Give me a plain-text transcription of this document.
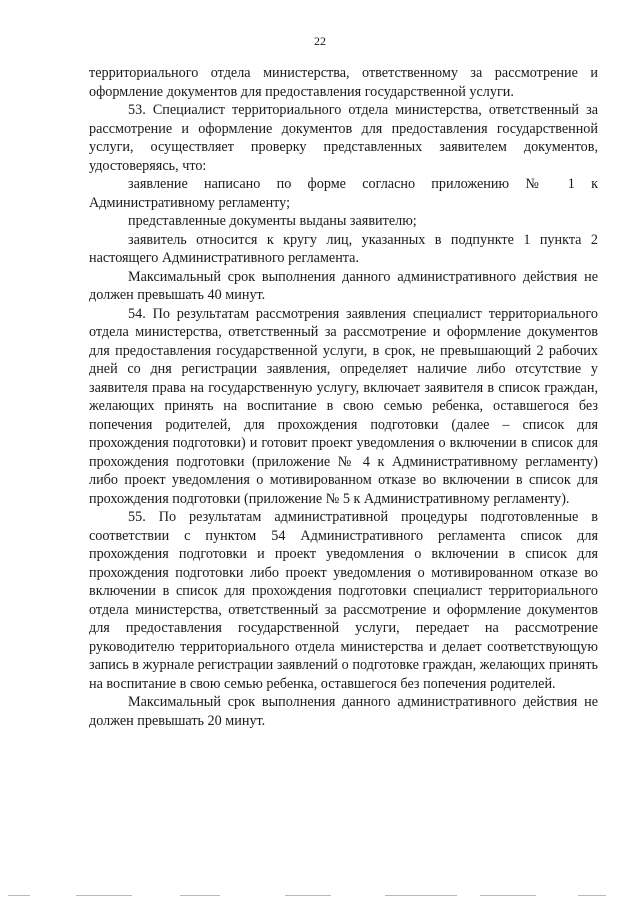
22

территориального отдела министерства, ответственному за рассмотрение и оформление документов для предоставления государственной услуги.

53. Специалист территориального отдела министерства, ответственный за рассмотрение и оформление документов для предоставления государственной услуги, осуществляет проверку представленных заявителем документов, удостоверяясь, что:

заявление написано по форме согласно приложению № 1 к Административному регламенту;

представленные документы выданы заявителю;

заявитель относится к кругу лиц, указанных в подпункте 1 пункта 2 настоящего Административного регламента.

Максимальный срок выполнения данного административного действия не должен превышать 40 минут.

54. По результатам рассмотрения заявления специалист территориального отдела министерства, ответственный за рассмотрение и оформление документов для предоставления государственной услуги, в срок, не превышающий 2 рабочих дней со дня регистрации заявления, определяет наличие либо отсутствие у заявителя права на государственную услугу, включает заявителя в список граждан, желающих принять на воспитание в свою семью ребенка, оставшегося без попечения родителей, для прохождения подготовки (далее – список для прохождения подготовки) и готовит проект уведомления о включении в список для прохождения подготовки (приложение № 4 к Административному регламенту) либо проект уведомления о мотивированном отказе во включении в список для прохождения подготовки (приложение № 5 к Административному регламенту).

55. По результатам административной процедуры подготовленные в соответствии с пунктом 54 Административного регламента список для прохождения подготовки и проект уведомления о включении в список для прохождения подготовки либо проект уведомления о мотивированном отказе во включении в список для прохождения подготовки специалист территориального отдела министерства, ответственный за рассмотрение и оформление документов для предоставления государственной услуги, передает на рассмотрение руководителю территориального отдела министерства и делает соответствующую запись в журнале регистрации заявлений о подготовке граждан, желающих принять на воспитание в свою семью ребенка, оставшегося без попечения родителей.

Максимальный срок выполнения данного административного действия не должен превышать 20 минут.
